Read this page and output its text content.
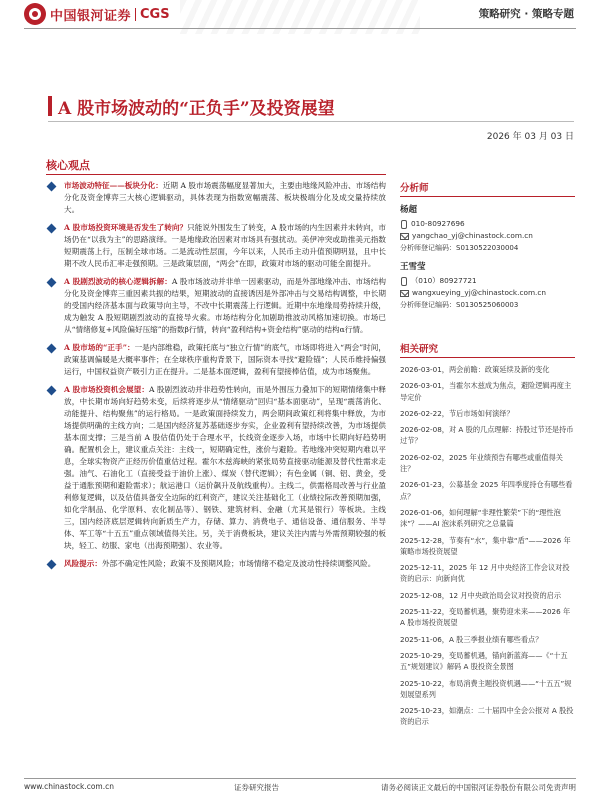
中国银河证券 CGS	策略研究 · 策略专题
A 股市场波动的“正负手”及投资展望
2026 年 03 月 03 日
核心观点
市场波动特征——板块分化：近期 A 股市场震荡幅度显著加大，主要由地缘风险冲击、市场结构分化及资金博弈三大核心逻辑驱动，具体表现为指数宽幅震荡、板块极端分化及成交量持续放大。
A 股市场投资环境是否发生了转向？只能说外围发生了转变，A 股市场的内生因素并未转向，市场仍在“以我为主”的思路演绎。一是地缘政治因素对市场具有强扰动。美伊冲突或助推美元指数短期震荡上行，压制全球市场。二是流动性层面，今年以来，人民币主动升值预期明显，且中长期不改人民币汇率走强预期。三是政策层面，“两会”在即，政策对市场的驱动可能全面提升。
A 股剧烈波动的核心逻辑拆解：A 股市场波动并非单一因素驱动，而是外部地缘冲击、市场结构分化及资金博弈三重因素共振的结果，短期波动的直接诱因是外部冲击与交易结构调整，中长期的受国内经济基本面与政策导向主导，不改中长期震荡上行逻辑。近期中东地缘局势持续升级，成为触发 A 股短期剧烈波动的直接导火索。市场结构分化加剧助推波动风格加速切换。市场已从“情绪修复+风险偏好压缩”的指数β行情，转向“盈利结构+资金结构”驱动的结构α行情。
A 股市场的“正手”：一是内部维稳，政策托底与“独立行情”的底气，市场即将进入“两会”时间，政策基调偏暖是大概率事件；在全球秩序重构背景下，国际资本寻找“避险锚”；人民币维持偏强运行，中国权益资产吸引力正在提升。二是基本面逻辑，盈利有望接棒估值，成为市场聚焦。
A 股市场投资机会展望：A 股剧烈波动并非趋势性转向，而是外围压力叠加下的短期情绪集中释放，中长期市场向好趋势未变，后续将逐步从“情绪驱动”回归“基本面驱动”，呈现“震荡消化、动能提升、结构聚焦”的运行格局。一是政策面持续发力，两会期间政策红利将集中释放，为市场提供明确的主线方向；二是国内经济复苏基础逐步夯实，企业盈利有望持续改善，为市场提供基本面支撑；三是当前 A 股估值仍处于合理水平，长线资金逐步入场，市场中长期向好趋势明确。配置机会上，建议重点关注：主线一，短期确定性，涨价与避险。若地缘冲突短期内难以平息，全球实物资产正经历价值重估过程。霍尔木兹海峡的紧张局势直接驱动能源及替代性需求走强。油气、石油化工（直接受益于油价上涨）、煤炭（替代逻辑）；有色金属（铜、铝、黄金，受益于通胀预期和避险需求）；航运港口（运价飙升及航线重构）。主线二，供需格局改善与行业盈利修复逻辑，以及估值具备安全边际的红利资产，建议关注基础化工（业绩拉际改善预期加强，如化学制品、化学原料、农化制品等）、钢铁、建筑材料、金融（尤其是银行）等板块。主线三，国内经济底层逻辑转向新质生产力，存储、算力、消费电子、通信设备、通信服务、半导体、军工等“十五五”重点领域值得关注。另，关于消费板块，建议关注内需与外需预期较强的板块，轻工、纺服、家电（出海预期强）、农业等。
风险提示：外部不确定性风险；政策不及预期风险；市场情绪不稳定及波动性持续调整风险。
分析师
杨超
010-80927696
yangchao_yj@chinastock.com.cn
分析师登记编码：S0130522030004
王雪莹
（010）80927721
wangxueying_yj@chinastock.com.cn
分析师登记编码：S0130525060003
相关研究
2026-03-01，两会前瞻：政策延续及新的变化
2026-03-01，当霍尔木兹成为焦点，避险逻辑再度主导定价
2026-02-22，节后市场如何演绎？
2026-02-08，对 A 股的几点理解：持股过节还是持币过节？
2026-02-02，2025 年业绩预告有哪些或重值得关注？
2026-01-23，公募基金 2025 年四季度持仓有哪些看点？
2026-01-06，如何理解“非理性繁荣”下的“理性泡沫”？——AI 泡沫系列研究之总量篇
2025-12-28，节奏有“水”，集中靠“盾”——2026 年策略市场投资展望
2025-12-11，2025 年 12 月中央经济工作会议对投资的启示：向新向优
2025-12-08，12 月中央政治局会议对投资的启示
2025-11-22，变局蓄机遇，聚势迎未来——2026 年 A 股市场投资展望
2025-11-06，A 股三季报业绩有哪些看点？
2025-10-29，变局蓄机遇，锚向新蓝海——《“十五五”规划建议》解码 A 股投资全景图
2025-10-22，布局消费主题投资机遇——“十五五”规划展望系列
2025-10-23，如潮点：二十届四中全会公报对 A 股投资的启示
www.chinastock.com.cn	证券研究报告	请务必阅读正文最后的中国银河证券股份有限公司免责声明
